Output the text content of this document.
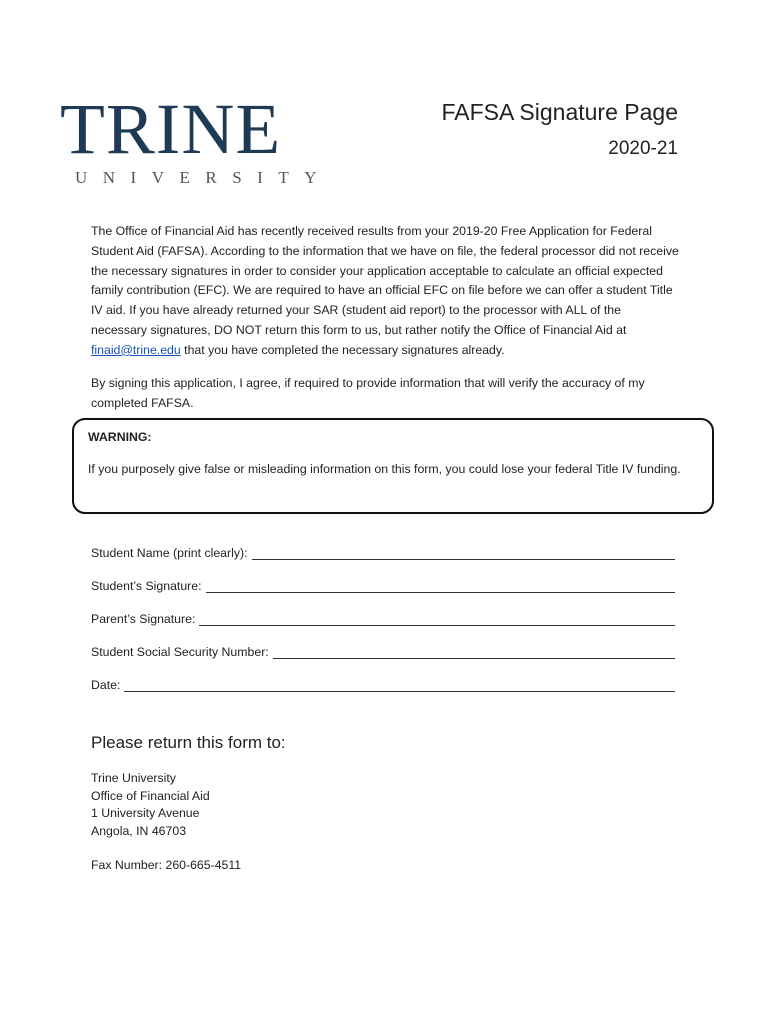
TRINE
UNIVERSITY
FAFSA Signature Page
2020-21
The Office of Financial Aid has recently received results from your 2019-20 Free Application for Federal Student Aid (FAFSA). According to the information that we have on file, the federal processor did not receive the necessary signatures in order to consider your application acceptable to calculate an official expected family contribution (EFC). We are required to have an official EFC on file before we can offer a student Title IV aid. If you have already returned your SAR (student aid report) to the processor with ALL of the necessary signatures, DO NOT return this form to us, but rather notify the Office of Financial Aid at finaid@trine.edu that you have completed the necessary signatures already.
By signing this application, I agree, if required to provide information that will verify the accuracy of my completed FAFSA.
WARNING:
If you purposely give false or misleading information on this form, you could lose your federal Title IV funding.
Student Name (print clearly):
Student’s Signature:
Parent’s Signature:
Student Social Security Number:
Date:
Please return this form to:
Trine University
Office of Financial Aid
1 University Avenue
Angola, IN 46703
Fax Number: 260-665-4511
